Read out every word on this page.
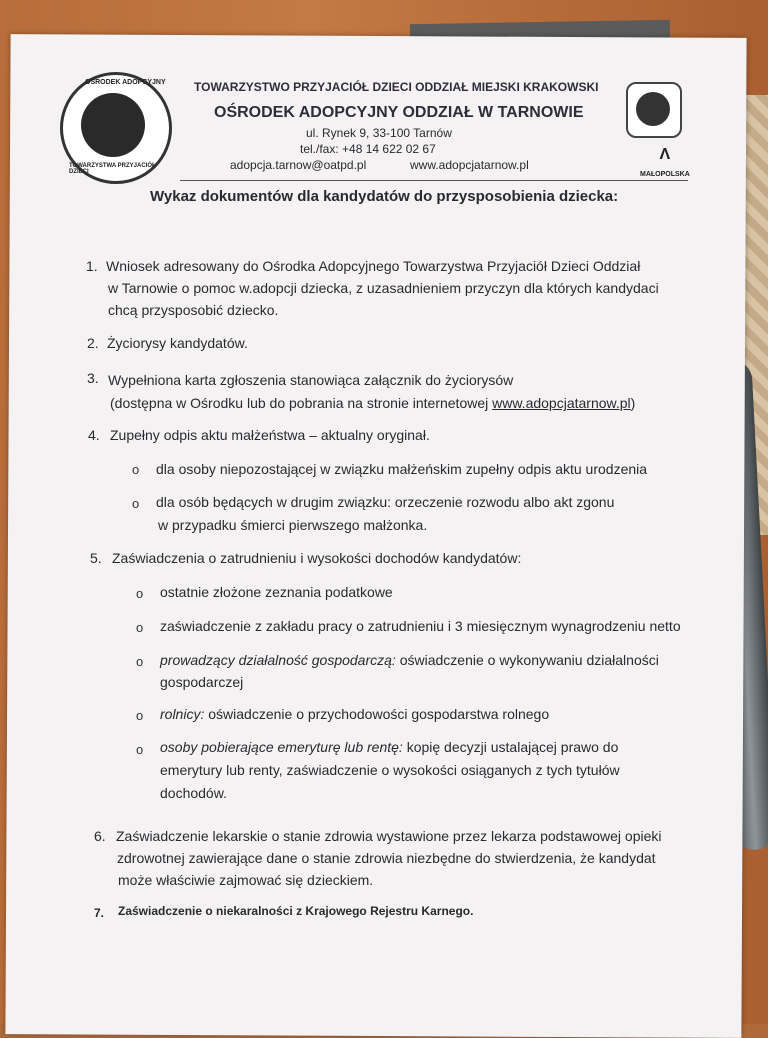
OŚRODEK ADOPCYJNY
TOWARZYSTWA PRZYJACIÓŁ DZIECI
TOWARZYSTWO PRZYJACIÓŁ DZIECI ODDZIAŁ MIEJSKI KRAKOWSKI
OŚRODEK ADOPCYJNY ODDZIAŁ W TARNOWIE
ul. Rynek 9, 33-100 Tarnów
tel./fax: +48 14 622 02 67
adopcja.tarnow@oatpd.pl	www.adopcjatarnow.pl
Λ
MAŁOPOLSKA
Wykaz dokumentów dla kandydatów do przysposobienia dziecka:
1. Wniosek adresowany do Ośrodka Adopcyjnego Towarzystwa Przyjaciół Dzieci Oddział
w Tarnowie o pomoc w.adopcji dziecka, z uzasadnieniem przyczyn dla których kandydaci
chcą przysposobić dziecko.
2. Życiorysy kandydatów.
3. Wypełniona karta zgłoszenia stanowiąca załącznik do życiorysów
(dostępna w Ośrodku lub do pobrania na stronie internetowej www.adopcjatarnow.pl)
4. Zupełny odpis aktu małżeństwa – aktualny oryginał.
o dla osoby niepozostającej w związku małżeńskim zupełny odpis aktu urodzenia
o dla osób będących w drugim związku: orzeczenie rozwodu albo akt zgonu
w przypadku śmierci pierwszego małżonka.
5. Zaświadczenia o zatrudnieniu i wysokości dochodów kandydatów:
o ostatnie złożone zeznania podatkowe
o zaświadczenie z zakładu pracy o zatrudnieniu i 3 miesięcznym wynagrodzeniu netto
o prowadzący działalność gospodarczą: oświadczenie o wykonywaniu działalności
gospodarczej
o rolnicy: oświadczenie o przychodowości gospodarstwa rolnego
o osoby pobierające emeryturę lub rentę: kopię decyzji ustalającej prawo do
emerytury lub renty, zaświadczenie o wysokości osiąganych z tych tytułów
dochodów.
6. Zaświadczenie lekarskie o stanie zdrowia wystawione przez lekarza podstawowej opieki
zdrowotnej zawierające dane o stanie zdrowia niezbędne do stwierdzenia, że kandydat
może właściwie zajmować się dzieckiem.
7. Zaświadczenie o niekaralności z Krajowego Rejestru Karnego.
